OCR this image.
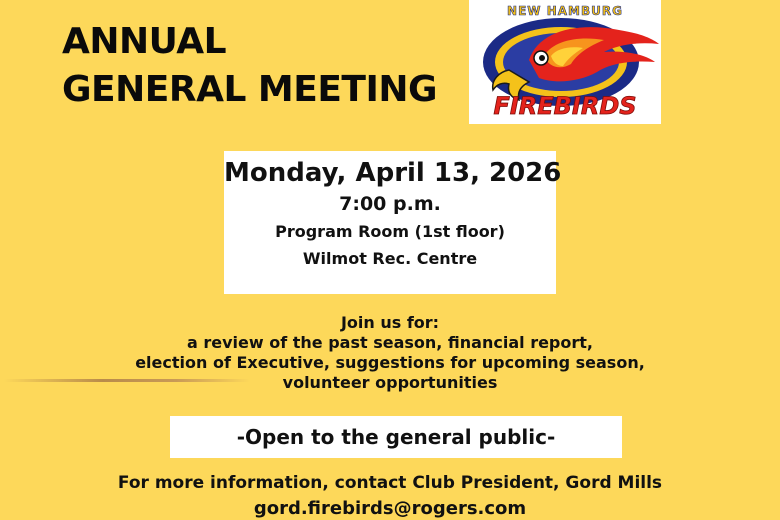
ANNUAL
GENERAL MEETING
NEW HAMBURG
FIREBIRDS
Monday, April 13, 2026
7:00 p.m.
Program Room (1st floor)
Wilmot Rec. Centre
Join us for:
a review of the past season, financial report,
election of Executive, suggestions for upcoming season,
volunteer opportunities
-Open to the general public-
For more information, contact Club President, Gord Mills
gord.firebirds@rogers.com
